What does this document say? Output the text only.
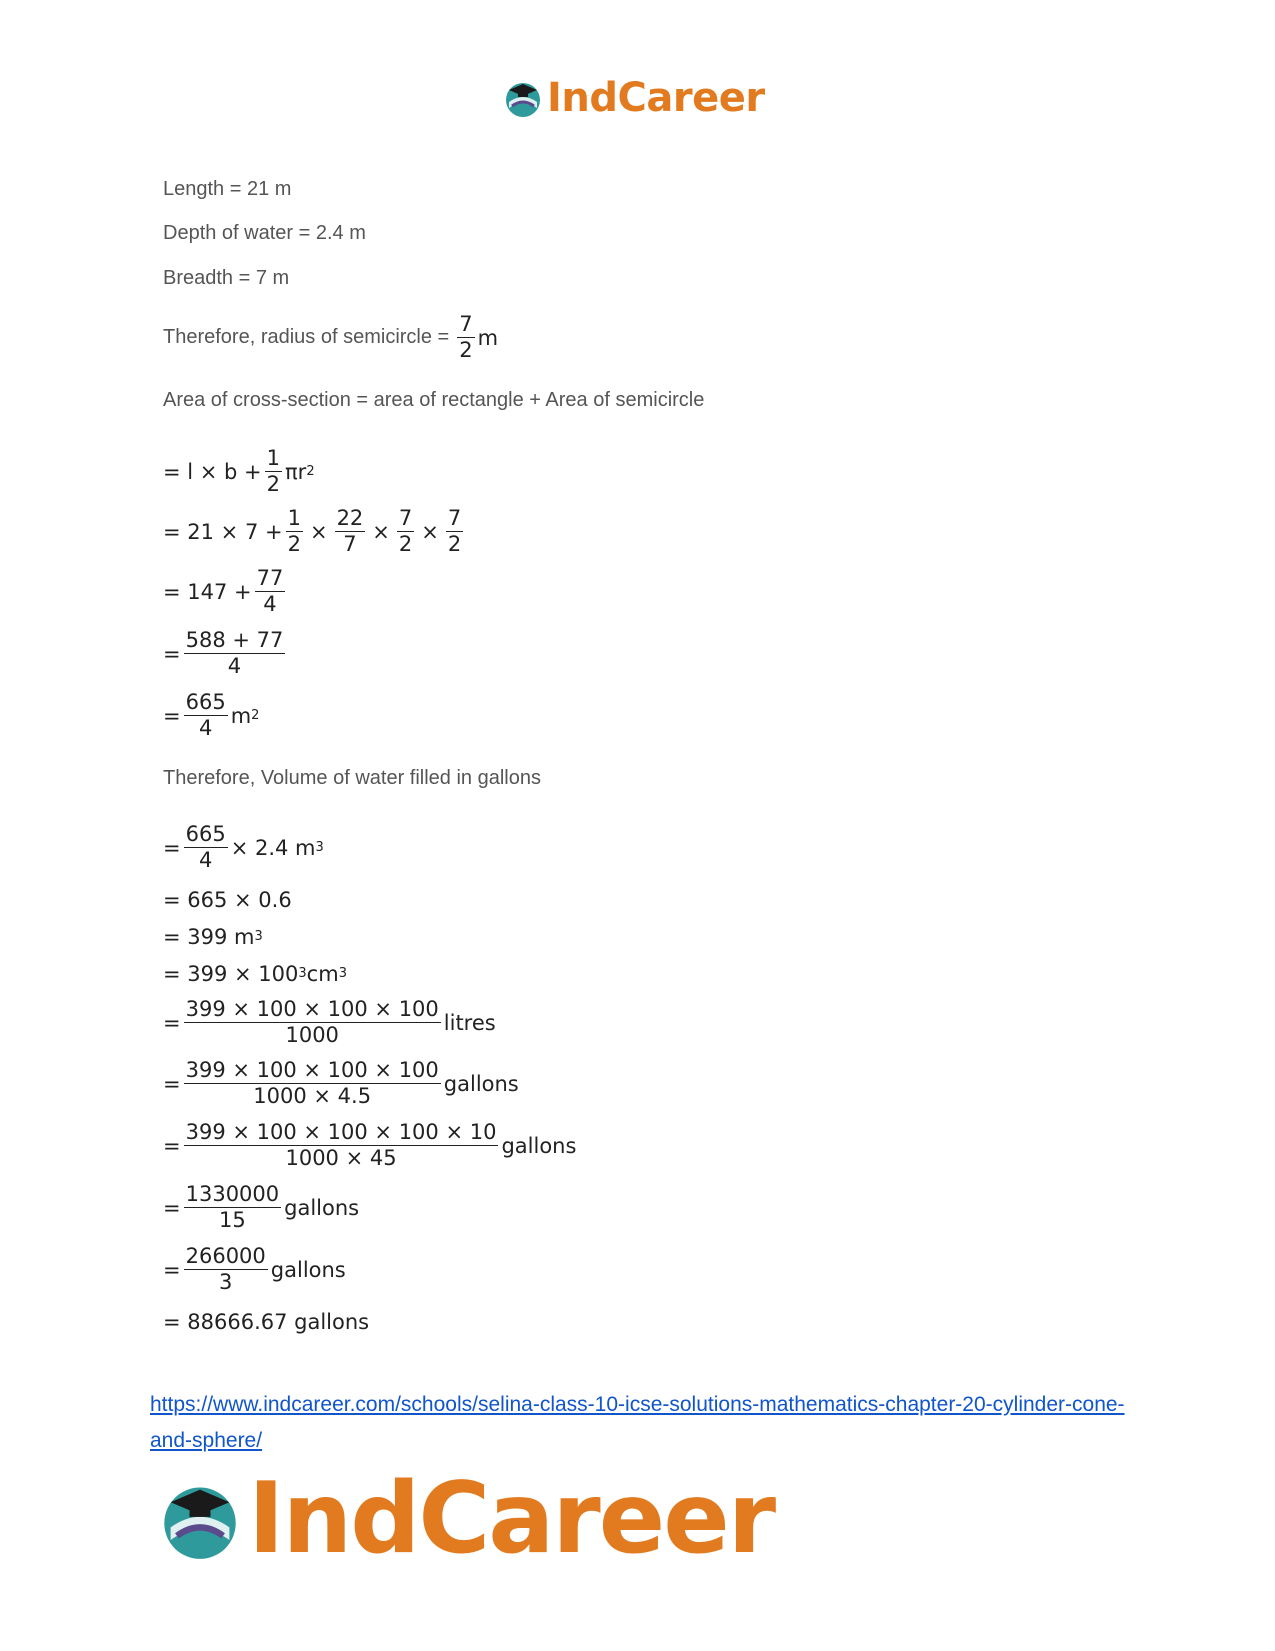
IndCareer
Length = 21 m
Depth of water = 2.4 m
Breadth = 7 m
Therefore, radius of semicircle = $\frac{7}{2}$ m
Area of cross-section = area of rectangle + Area of semicircle
= $l \times b + \frac{1}{2}$ πr 2
= $21 \times 7 + \frac{1}{2} \times \frac{22}{7} \times \frac{7}{2} \times \frac{7}{2}$
= $147 + \frac{77}{4}$
= $\frac{588 + 77}{4}$
= $\frac{665}{4}$ m 2
Therefore, Volume of water filled in gallons
= $\frac{665}{4} \times 2.4$ m 3
= 665 × 0.6
= 399 m 3
= 399 × 100 3 cm 3
= $\frac{399 \times 100 \times 100 \times 100}{1000}$ litres
= $\frac{399 \times 100 \times 100 \times 100}{1000 \times 4.5}$ gallons
= $\frac{399 \times 100 \times 100 \times 100 \times 10}{1000 \times 45}$ gallons
= $\frac{1330000}{15}$ gallons
= $\frac{266000}{3}$ gallons
= 88666.67 gallons
https://www.indcareer.com/schools/selina-class-10-icse-solutions-mathematics-chapter-20-cylinder-cone-and-sphere/
IndCareer
